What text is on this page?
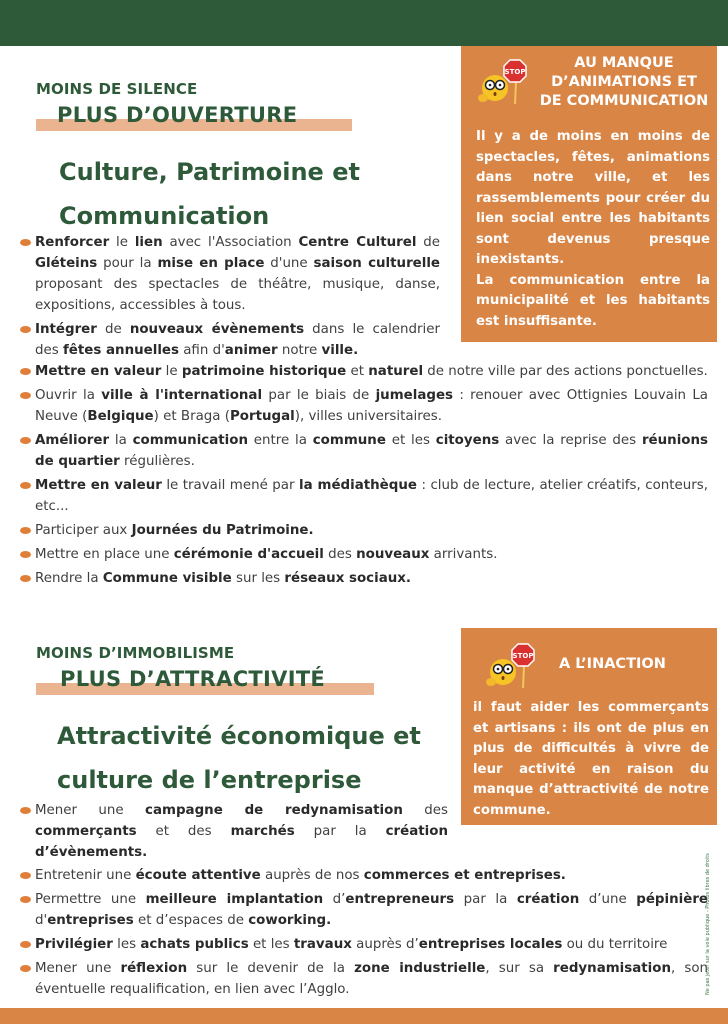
MOINS DE SILENCE
PLUS D’OUVERTURE
Culture, Patrimoine et
Communication
STOP
AU MANQUE
D’ANIMATIONS ET
DE COMMUNICATION
Il y a de moins en moins de spectacles, fêtes, animations dans notre ville, et les rassemblements pour créer du lien social entre les habitants sont devenus presque inexistants.
La communication entre la municipalité et les habitants est insuffisante.
Renforcer le lien avec l'Association Centre Culturel de Gléteins pour la mise en place d'une saison culturelle proposant des spectacles de théâtre, musique, danse, expositions, accessibles à tous.
Intégrer de nouveaux évènements dans le calendrier des fêtes annuelles afin d'animer notre ville.
Mettre en valeur le patrimoine historique et naturel de notre ville par des actions ponctuelles.
Ouvrir la ville à l'international par le biais de jumelages : renouer avec Ottignies Louvain La Neuve (Belgique) et Braga (Portugal), villes universitaires.
Améliorer la communication entre la commune et les citoyens avec la reprise des réunions de quartier régulières.
Mettre en valeur le travail mené par la médiathèque : club de lecture, atelier créatifs, conteurs, etc...
Participer aux Journées du Patrimoine.
Mettre en place une cérémonie d'accueil des nouveaux arrivants.
Rendre la Commune visible sur les réseaux sociaux.
MOINS D’IMMOBILISME
PLUS D’ATTRACTIVITÉ
Attractivité économique et
culture de l’entreprise
STOP A L’INACTION
il faut aider les commerçants et artisans : ils ont de plus en plus de difficultés à vivre de leur activité en raison du manque d’attractivité de notre commune.
Mener une campagne de redynamisation des commerçants et des marchés par la création d’évènements.
Entretenir une écoute attentive auprès de nos commerces et entreprises.
Permettre une meilleure implantation d’entrepreneurs par la création d’une pépinière d'entreprises et d’espaces de coworking.
Privilégier les achats publics et les travaux auprès d’entreprises locales ou du territoire
Mener une réflexion sur le devenir de la zone industrielle, sur sa redynamisation, son éventuelle requalification, en lien avec l’Agglo.	Ne pas jeter sur la voie publique - Photos libres de droits
